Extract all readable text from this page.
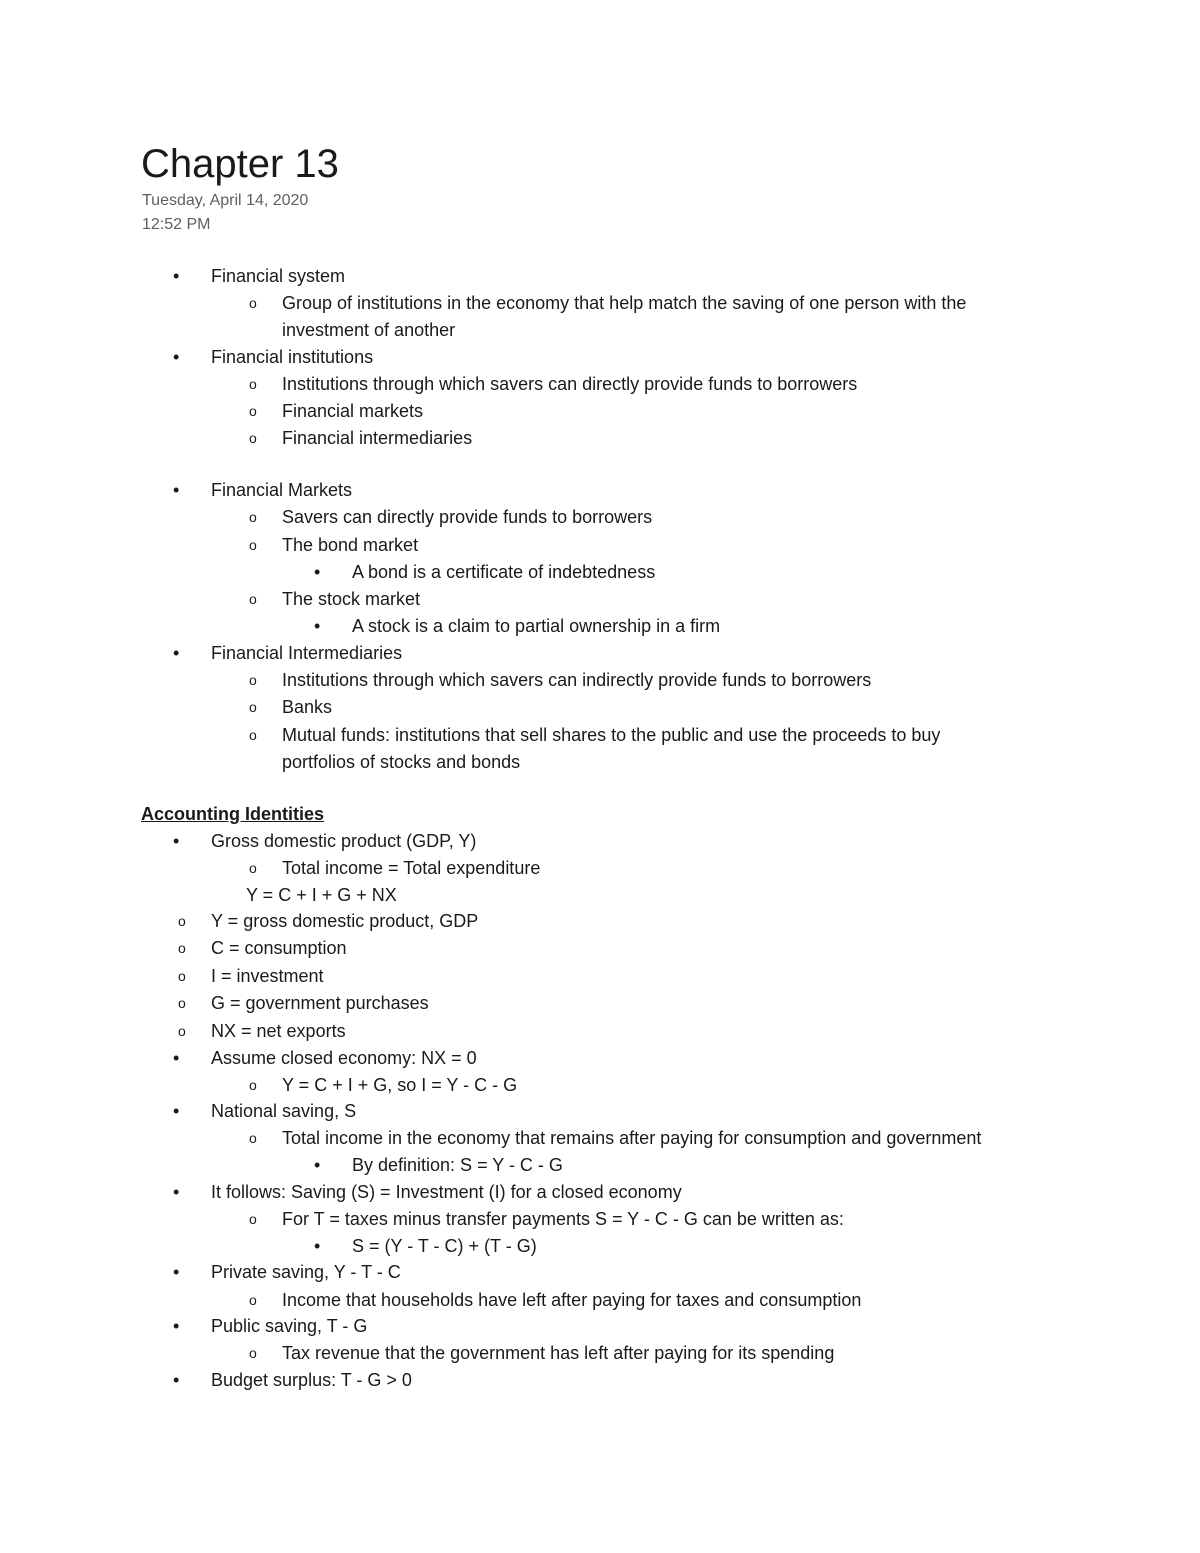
Chapter 13
Tuesday, April 14, 2020
12:52 PM
• Financial system
o Group of institutions in the economy that help match the saving of one person with the
investment of another
• Financial institutions
o Institutions through which savers can directly provide funds to borrowers
o Financial markets
o Financial intermediaries
• Financial Markets
o Savers can directly provide funds to borrowers
o The bond market
• A bond is a certificate of indebtedness
o The stock market
• A stock is a claim to partial ownership in a firm
• Financial Intermediaries
o Institutions through which savers can indirectly provide funds to borrowers
o Banks
o Mutual funds: institutions that sell shares to the public and use the proceeds to buy
portfolios of stocks and bonds
Accounting Identities
• Gross domestic product (GDP, Y)
o Total income = Total expenditure
Y = C + I + G + NX
o Y = gross domestic product, GDP
o C = consumption
o I = investment
o G = government purchases
o NX = net exports
• Assume closed economy: NX = 0
o Y = C + I + G, so I = Y - C - G
• National saving, S
o Total income in the economy that remains after paying for consumption and government
• By definition: S = Y - C - G
• It follows: Saving (S) = Investment (I) for a closed economy
o For T = taxes minus transfer payments S = Y - C - G can be written as:
• S = (Y - T - C) + (T - G)
• Private saving, Y - T - C
o Income that households have left after paying for taxes and consumption
• Public saving, T - G
o Tax revenue that the government has left after paying for its spending
• Budget surplus: T - G > 0
